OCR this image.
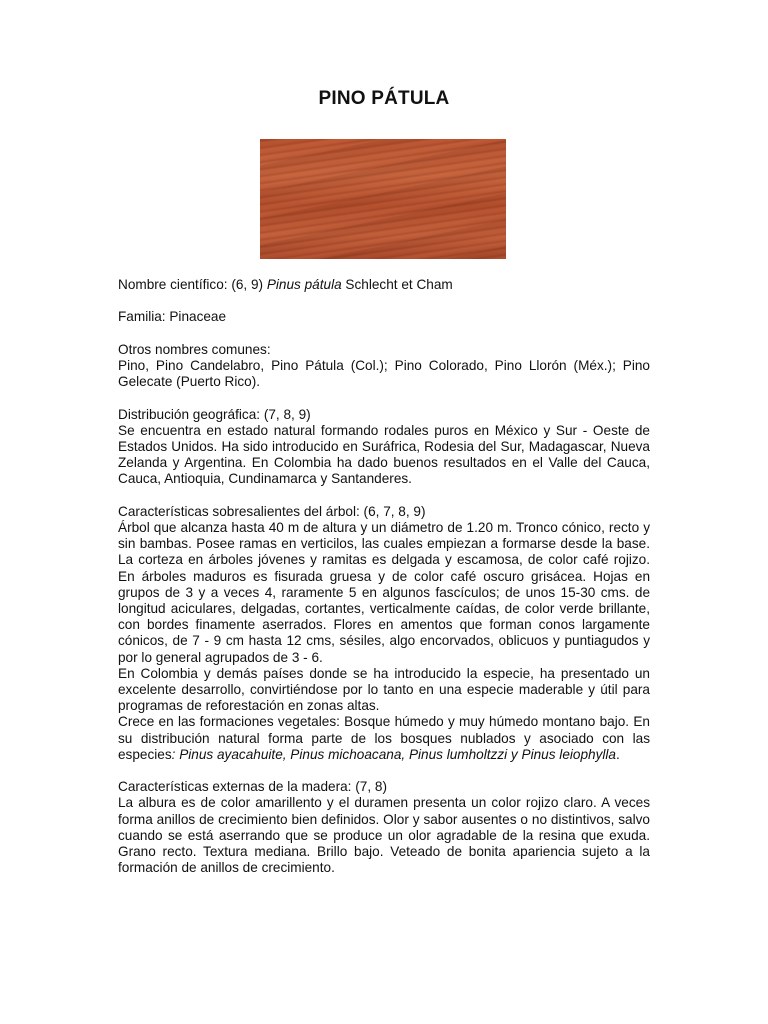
PINO PÁTULA

Nombre científico: (6, 9) Pinus pátula Schlecht et Cham

Familia: Pinaceae

Otros nombres comunes:

Pino, Pino Candelabro, Pino Pátula (Col.); Pino Colorado, Pino Llorón (Méx.); Pino Gelecate (Puerto Rico).

Distribución geográfica: (7, 8, 9)

Se encuentra en estado natural formando rodales puros en México y Sur - Oeste de Estados Unidos. Ha sido introducido en Suráfrica, Rodesia del Sur, Madagascar, Nueva Zelanda y Argentina. En Colombia ha dado buenos resultados en el Valle del Cauca, Cauca, Antioquia, Cundinamarca y Santanderes.

Características sobresalientes del árbol: (6, 7, 8, 9)

Árbol que alcanza hasta 40 m de altura y un diámetro de 1.20 m. Tronco cónico, recto y sin bambas. Posee ramas en verticilos, las cuales empiezan a formarse desde la base. La corteza en árboles jóvenes y ramitas es delgada y escamosa, de color café rojizo. En árboles maduros es fisurada gruesa y de color café oscuro grisácea. Hojas en grupos de 3 y a veces 4, raramente 5 en algunos fascículos; de unos 15-30 cms. de longitud aciculares, delgadas, cortantes, verticalmente caídas, de color verde brillante, con bordes finamente aserrados. Flores en amentos que forman conos largamente cónicos, de 7 - 9 cm hasta 12 cms, sésiles, algo encorvados, oblicuos y puntiagudos y por lo general agrupados de 3 - 6.

En Colombia y demás países donde se ha introducido la especie, ha presentado un excelente desarrollo, convirtiéndose por lo tanto en una especie maderable y útil para programas de reforestación en zonas altas.

Crece en las formaciones vegetales: Bosque húmedo y muy húmedo montano bajo. En su distribución natural forma parte de los bosques nublados y asociado con las especies: Pinus ayacahuite, Pinus michoacana, Pinus lumholtzzi y Pinus leiophylla.

Características externas de la madera: (7, 8)

La albura es de color amarillento y el duramen presenta un color rojizo claro. A veces forma anillos de crecimiento bien definidos. Olor y sabor ausentes o no distintivos, salvo cuando se está aserrando que se produce un olor agradable de la resina que exuda. Grano recto. Textura mediana. Brillo bajo. Veteado de bonita apariencia sujeto a la formación de anillos de crecimiento.
